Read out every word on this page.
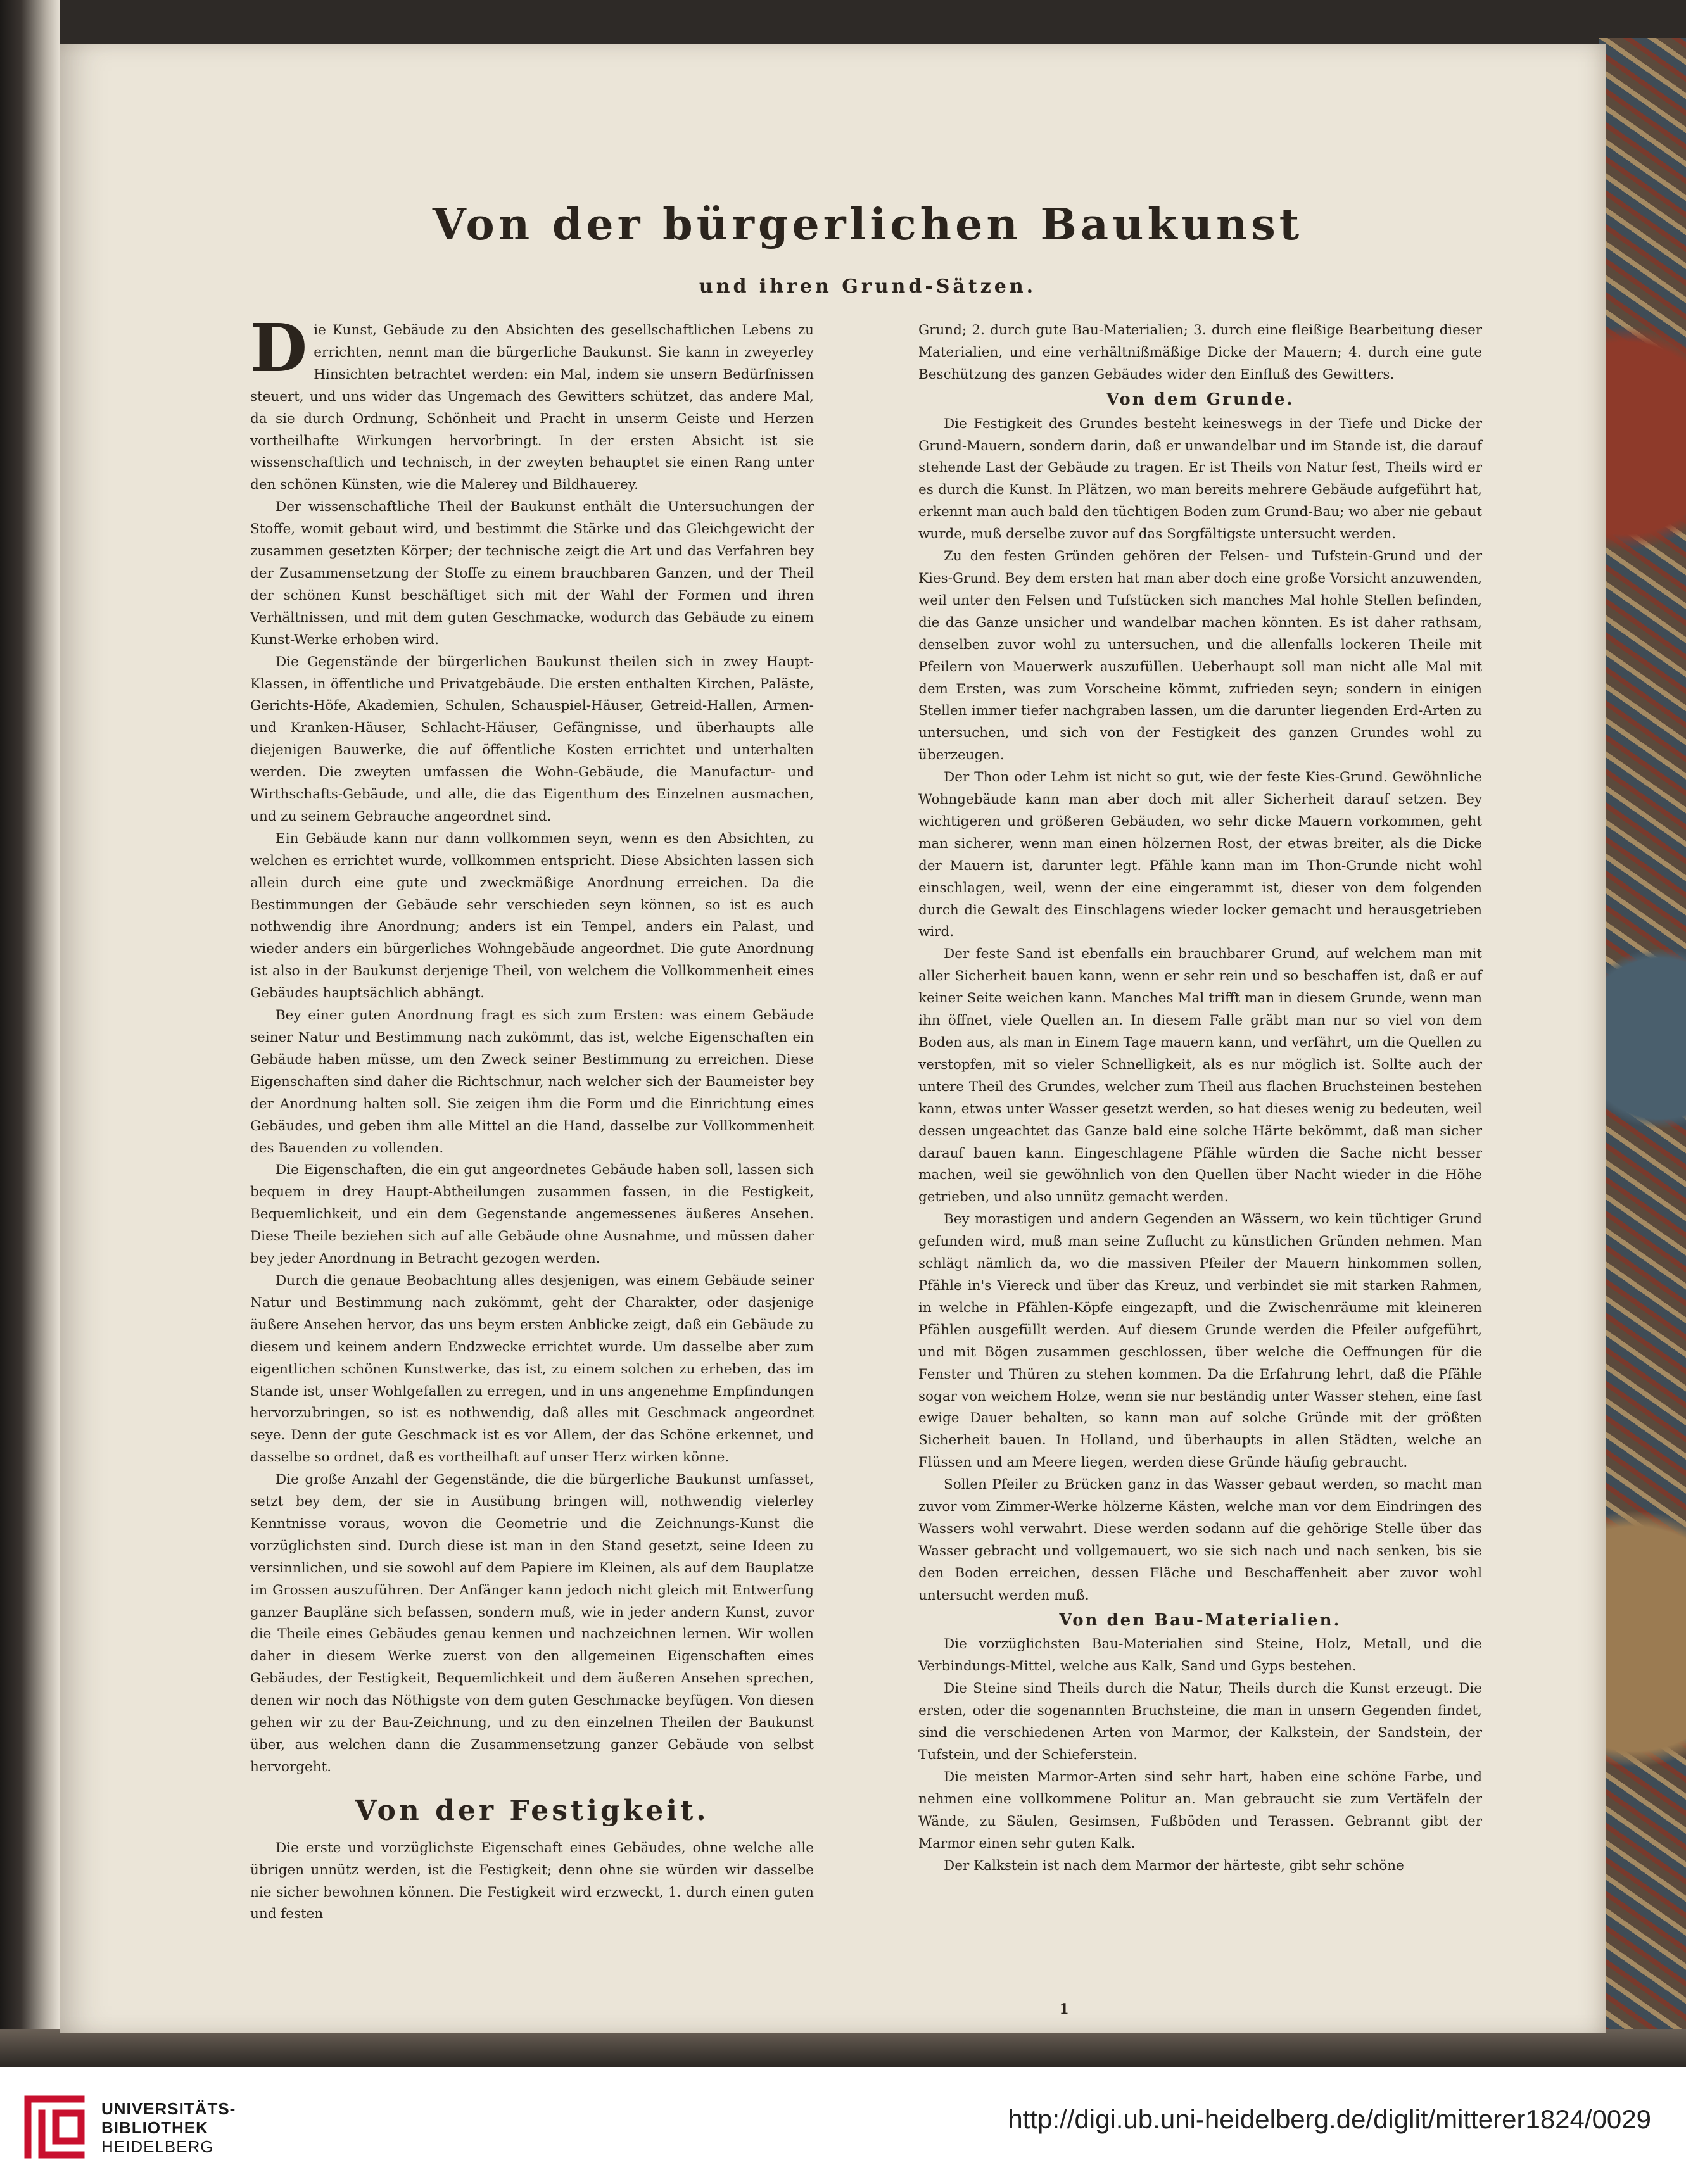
Von der bürgerlichen Baukunst
und ihren Grund-Sätzen.

Die Kunst, Gebäude zu den Absichten des gesellschaftlichen Lebens zu errichten, nennt man die bürgerliche Baukunst. Sie kann in zweyerley Hinsichten betrachtet werden: ein Mal, indem sie unsern Bedürfnissen steuert, und uns wider das Ungemach des Gewitters schützet, das andere Mal, da sie durch Ordnung, Schönheit und Pracht in unserm Geiste und Herzen vortheilhafte Wirkungen hervorbringt. In der ersten Absicht ist sie wissenschaftlich und technisch, in der zweyten behauptet sie einen Rang unter den schönen Künsten, wie die Malerey und Bildhauerey.

Der wissenschaftliche Theil der Baukunst enthält die Untersuchungen der Stoffe, womit gebaut wird, und bestimmt die Stärke und das Gleichgewicht der zusammen gesetzten Körper; der technische zeigt die Art und das Verfahren bey der Zusammensetzung der Stoffe zu einem brauchbaren Ganzen, und der Theil der schönen Kunst beschäftiget sich mit der Wahl der Formen und ihren Verhältnissen, und mit dem guten Geschmacke, wodurch das Gebäude zu einem Kunst-Werke erhoben wird.

Die Gegenstände der bürgerlichen Baukunst theilen sich in zwey Haupt-Klassen, in öffentliche und Privatgebäude. Die ersten enthalten Kirchen, Paläste, Gerichts-Höfe, Akademien, Schulen, Schauspiel-Häuser, Getreid-Hallen, Armen- und Kranken-Häuser, Schlacht-Häuser, Gefängnisse, und überhaupts alle diejenigen Bauwerke, die auf öffentliche Kosten errichtet und unterhalten werden. Die zweyten umfassen die Wohn-Gebäude, die Manufactur- und Wirthschafts-Gebäude, und alle, die das Eigenthum des Einzelnen ausmachen, und zu seinem Gebrauche angeordnet sind.

Ein Gebäude kann nur dann vollkommen seyn, wenn es den Absichten, zu welchen es errichtet wurde, vollkommen entspricht. Diese Absichten lassen sich allein durch eine gute und zweckmäßige Anordnung erreichen. Da die Bestimmungen der Gebäude sehr verschieden seyn können, so ist es auch nothwendig ihre Anordnung; anders ist ein Tempel, anders ein Palast, und wieder anders ein bürgerliches Wohngebäude angeordnet. Die gute Anordnung ist also in der Baukunst derjenige Theil, von welchem die Vollkommenheit eines Gebäudes hauptsächlich abhängt.

Bey einer guten Anordnung fragt es sich zum Ersten: was einem Gebäude seiner Natur und Bestimmung nach zukömmt, das ist, welche Eigenschaften ein Gebäude haben müsse, um den Zweck seiner Bestimmung zu erreichen. Diese Eigenschaften sind daher die Richtschnur, nach welcher sich der Baumeister bey der Anordnung halten soll. Sie zeigen ihm die Form und die Einrichtung eines Gebäudes, und geben ihm alle Mittel an die Hand, dasselbe zur Vollkommenheit des Bauenden zu vollenden.

Die Eigenschaften, die ein gut angeordnetes Gebäude haben soll, lassen sich bequem in drey Haupt-Abtheilungen zusammen fassen, in die Festigkeit, Bequemlichkeit, und ein dem Gegenstande angemessenes äußeres Ansehen. Diese Theile beziehen sich auf alle Gebäude ohne Ausnahme, und müssen daher bey jeder Anordnung in Betracht gezogen werden.

Durch die genaue Beobachtung alles desjenigen, was einem Gebäude seiner Natur und Bestimmung nach zukömmt, geht der Charakter, oder dasjenige äußere Ansehen hervor, das uns beym ersten Anblicke zeigt, daß ein Gebäude zu diesem und keinem andern Endzwecke errichtet wurde. Um dasselbe aber zum eigentlichen schönen Kunstwerke, das ist, zu einem solchen zu erheben, das im Stande ist, unser Wohlgefallen zu erregen, und in uns angenehme Empfindungen hervorzubringen, so ist es nothwendig, daß alles mit Geschmack angeordnet seye. Denn der gute Geschmack ist es vor Allem, der das Schöne erkennet, und dasselbe so ordnet, daß es vortheilhaft auf unser Herz wirken könne.

Die große Anzahl der Gegenstände, die die bürgerliche Baukunst umfasset, setzt bey dem, der sie in Ausübung bringen will, nothwendig vielerley Kenntnisse voraus, wovon die Geometrie und die Zeichnungs-Kunst die vorzüglichsten sind. Durch diese ist man in den Stand gesetzt, seine Ideen zu versinnlichen, und sie sowohl auf dem Papiere im Kleinen, als auf dem Bauplatze im Grossen auszuführen. Der Anfänger kann jedoch nicht gleich mit Entwerfung ganzer Baupläne sich befassen, sondern muß, wie in jeder andern Kunst, zuvor die Theile eines Gebäudes genau kennen und nachzeichnen lernen. Wir wollen daher in diesem Werke zuerst von den allgemeinen Eigenschaften eines Gebäudes, der Festigkeit, Bequemlichkeit und dem äußeren Ansehen sprechen, denen wir noch das Nöthigste von dem guten Geschmacke beyfügen. Von diesen gehen wir zu der Bau-Zeichnung, und zu den einzelnen Theilen der Baukunst über, aus welchen dann die Zusammensetzung ganzer Gebäude von selbst hervorgeht.

Von der Festigkeit.

Die erste und vorzüglichste Eigenschaft eines Gebäudes, ohne welche alle übrigen unnütz werden, ist die Festigkeit; denn ohne sie würden wir dasselbe nie sicher bewohnen können. Die Festigkeit wird erzweckt, 1. durch einen guten und festen

Grund; 2. durch gute Bau-Materialien; 3. durch eine fleißige Bearbeitung dieser Materialien, und eine verhältnißmäßige Dicke der Mauern; 4. durch eine gute Beschützung des ganzen Gebäudes wider den Einfluß des Gewitters.

Von dem Grunde.

Die Festigkeit des Grundes besteht keineswegs in der Tiefe und Dicke der Grund-Mauern, sondern darin, daß er unwandelbar und im Stande ist, die darauf stehende Last der Gebäude zu tragen. Er ist Theils von Natur fest, Theils wird er es durch die Kunst. In Plätzen, wo man bereits mehrere Gebäude aufgeführt hat, erkennt man auch bald den tüchtigen Boden zum Grund-Bau; wo aber nie gebaut wurde, muß derselbe zuvor auf das Sorgfältigste untersucht werden.

Zu den festen Gründen gehören der Felsen- und Tufstein-Grund und der Kies-Grund. Bey dem ersten hat man aber doch eine große Vorsicht anzuwenden, weil unter den Felsen und Tufstücken sich manches Mal hohle Stellen befinden, die das Ganze unsicher und wandelbar machen könnten. Es ist daher rathsam, denselben zuvor wohl zu untersuchen, und die allenfalls lockeren Theile mit Pfeilern von Mauerwerk auszufüllen. Ueberhaupt soll man nicht alle Mal mit dem Ersten, was zum Vorscheine kömmt, zufrieden seyn; sondern in einigen Stellen immer tiefer nachgraben lassen, um die darunter liegenden Erd-Arten zu untersuchen, und sich von der Festigkeit des ganzen Grundes wohl zu überzeugen.

Der Thon oder Lehm ist nicht so gut, wie der feste Kies-Grund. Gewöhnliche Wohngebäude kann man aber doch mit aller Sicherheit darauf setzen. Bey wichtigeren und größeren Gebäuden, wo sehr dicke Mauern vorkommen, geht man sicherer, wenn man einen hölzernen Rost, der etwas breiter, als die Dicke der Mauern ist, darunter legt. Pfähle kann man im Thon-Grunde nicht wohl einschlagen, weil, wenn der eine eingerammt ist, dieser von dem folgenden durch die Gewalt des Einschlagens wieder locker gemacht und herausgetrieben wird.

Der feste Sand ist ebenfalls ein brauchbarer Grund, auf welchem man mit aller Sicherheit bauen kann, wenn er sehr rein und so beschaffen ist, daß er auf keiner Seite weichen kann. Manches Mal trifft man in diesem Grunde, wenn man ihn öffnet, viele Quellen an. In diesem Falle gräbt man nur so viel von dem Boden aus, als man in Einem Tage mauern kann, und verfährt, um die Quellen zu verstopfen, mit so vieler Schnelligkeit, als es nur möglich ist. Sollte auch der untere Theil des Grundes, welcher zum Theil aus flachen Bruchsteinen bestehen kann, etwas unter Wasser gesetzt werden, so hat dieses wenig zu bedeuten, weil dessen ungeachtet das Ganze bald eine solche Härte bekömmt, daß man sicher darauf bauen kann. Eingeschlagene Pfähle würden die Sache nicht besser machen, weil sie gewöhnlich von den Quellen über Nacht wieder in die Höhe getrieben, und also unnütz gemacht werden.

Bey morastigen und andern Gegenden an Wässern, wo kein tüchtiger Grund gefunden wird, muß man seine Zuflucht zu künstlichen Gründen nehmen. Man schlägt nämlich da, wo die massiven Pfeiler der Mauern hinkommen sollen, Pfähle in's Viereck und über das Kreuz, und verbindet sie mit starken Rahmen, in welche in Pfählen-Köpfe eingezapft, und die Zwischenräume mit kleineren Pfählen ausgefüllt werden. Auf diesem Grunde werden die Pfeiler aufgeführt, und mit Bögen zusammen geschlossen, über welche die Oeffnungen für die Fenster und Thüren zu stehen kommen. Da die Erfahrung lehrt, daß die Pfähle sogar von weichem Holze, wenn sie nur beständig unter Wasser stehen, eine fast ewige Dauer behalten, so kann man auf solche Gründe mit der größten Sicherheit bauen. In Holland, und überhaupts in allen Städten, welche an Flüssen und am Meere liegen, werden diese Gründe häufig gebraucht.

Sollen Pfeiler zu Brücken ganz in das Wasser gebaut werden, so macht man zuvor vom Zimmer-Werke hölzerne Kästen, welche man vor dem Eindringen des Wassers wohl verwahrt. Diese werden sodann auf die gehörige Stelle über das Wasser gebracht und vollgemauert, wo sie sich nach und nach senken, bis sie den Boden erreichen, dessen Fläche und Beschaffenheit aber zuvor wohl untersucht werden muß.

Von den Bau-Materialien.

Die vorzüglichsten Bau-Materialien sind Steine, Holz, Metall, und die Verbindungs-Mittel, welche aus Kalk, Sand und Gyps bestehen.

Die Steine sind Theils durch die Natur, Theils durch die Kunst erzeugt. Die ersten, oder die sogenannten Bruchsteine, die man in unsern Gegenden findet, sind die verschiedenen Arten von Marmor, der Kalkstein, der Sandstein, der Tufstein, und der Schieferstein.

Die meisten Marmor-Arten sind sehr hart, haben eine schöne Farbe, und nehmen eine vollkommene Politur an. Man gebraucht sie zum Vertäfeln der Wände, zu Säulen, Gesimsen, Fußböden und Terassen. Gebrannt gibt der Marmor einen sehr guten Kalk.

Der Kalkstein ist nach dem Marmor der härteste, gibt sehr schöne

1
UNIVERSITÄTS-
BIBLIOTHEK
HEIDELBERG
http://digi.ub.uni-heidelberg.de/diglit/mitterer1824/0029
